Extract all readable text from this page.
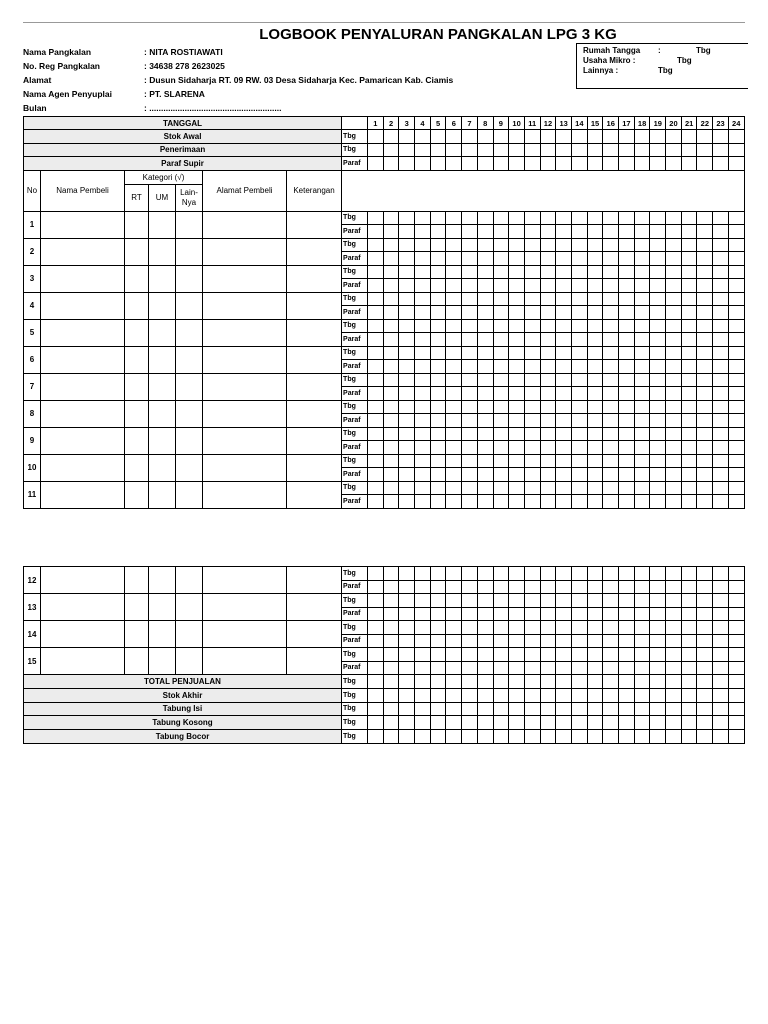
LOGBOOK PENYALURAN PANGKALAN LPG 3 KG
Nama Pangkalan	: NITA ROSTIAWATI
No. Reg Pangkalan	: 34638 278 2623025
Alamat	: Dusun Sidaharja RT. 09 RW. 03 Desa Sidaharja Kec. Pamarican Kab. Ciamis
Nama Agen Penyuplai	: PT. SLARENA
Bulan	: ........................................................
Rumah Tangga :	Tbg
Usaha Mikro :	Tbg
Lainnya :	Tbg
TANGGAL								1	2	3	4	5	6	7	8	9	10	11	12	13	14	15	16	17	18	19	20	21	22	23	24
Stok Awal							Tbg																								
Penerimaan							Tbg																								
Paraf Supir							Paraf																								
No	Nama Pembeli	Kategori (√)			Alamat Pembeli	Keterangan																									
		RT	UM	Lain-
Nya																											
1							Tbg																								
							Paraf																								
2							Tbg																								
							Paraf																								
3							Tbg																								
							Paraf																								
4							Tbg																								
							Paraf																								
5							Tbg																								
							Paraf																								
6							Tbg																								
							Paraf																								
7							Tbg																								
							Paraf																								
8							Tbg																								
							Paraf																								
9							Tbg																								
							Paraf																								
10							Tbg																								
							Paraf																								
11							Tbg																								
							Paraf																								
12							Tbg																								
							Paraf																								
13							Tbg																								
							Paraf																								
14							Tbg																								
							Paraf																								
15							Tbg																								
							Paraf																								
TOTAL PENJUALAN							Tbg																								
Stok Akhir							Tbg																								
Tabung Isi							Tbg																								
Tabung Kosong							Tbg																								
Tabung Bocor							Tbg																								
